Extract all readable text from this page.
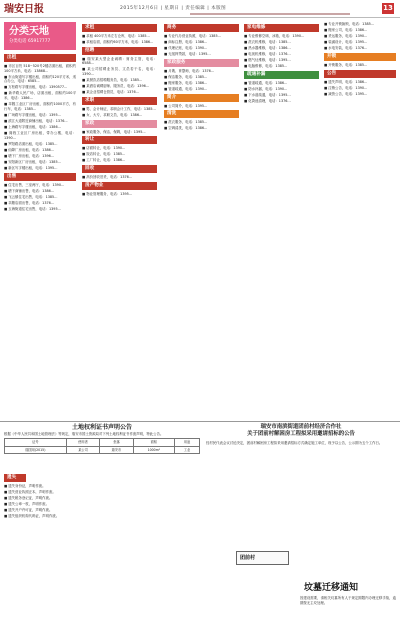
瑞安日报	2015年12月6日 | 星期日 | 责任编辑 | 本版图	13
分类天地
分类电话 65917777
出租

■ 市区百货 518~520号2楼店面出租，面积约100平方米，电话：13868...

■ 东山街道写字楼出租，面积约120平方米，适合办公，电话：6585...

■ 万松路写字楼出租，电话：1390577...

■ 新华路人民广场，店面出租，面积约100平米，电话：1386...

■ 莘塍工业区厂房出租，面积约1000平方，有行车，电话：1385...

■ 广场路写字楼出租，电话：1395...

■ 滨江大道附近商铺出租，电话：1376...

■ 上海路写字楼出租，电话：1386...

■ 阁巷工业区厂房出租，带办公楼，电话：1390...

■ 罗阳路店面出租，电话：1385...

■ 仙降厂房出租，电话：1386...

■ 塘下厂房出租，电话：1396...

■ 安阳新区厂房出租，电话：1385...

■ 新区写字楼出租，电话：1395...

出售

■ 住宅出售，三室两厅，电话：1390...

■ 塘下商铺出售，电话：1386...

■ 飞云镇住宅出售，电话：1385...

■ 莘塍店面出售，电话：1376...

■ 玉海街道住宅出售，电话：1395...

求租

■ 求租 400平方米左右仓库，电话：1385...

■ 求租店面，面积约60平方米，电话：1386...

招聘

■ 瑞安某大型企业诚聘：财务主管，电话：6588...

■ 某公司招聘业务员、文员若干名，电话：1390...

■ 某餐饮店招聘服务员，电话：1385...

■ 某酒店诚聘厨师、服务员，电话：1396...

■ 某企业招聘仓管员，电话：1376...

求职

■ 男，会计师证，求职会计工作，电话：1385...

■ 女，大专，求职文员，电话：1386...

家政

■ 家政服务，保洁、保姆，电话：1395...

转让

■ 店面转让，电话：1390...

■ 饭店转让，电话：1385...

■ 工厂转让，电话：1386...

回收

■ 高价回收旧货，电话：1376...

房产物业

■ 物业管理服务，电话：1395...

商务

■ 专业代办营业执照，电话：1385...

■ 商标注册，电话：1386...

■ 代理记账，电话：1390...

■ 无抵押贷款，电话：1395...

家政服务

■ 月嫂、育婴师，电话：1376...

■ 保洁服务，电话：1385...

■ 搬家服务，电话：1386...

■ 管道疏通，电话：1390...

简介

■ 公司简介，电话：1395...

清洗

■ 洗衣服务，电话：1385...

■ 空调清洗，电话：1386...

家电维修

■ 专业维修空调、冰箱，电话：1390...

■ 洗衣机维修，电话：1385...

■ 热水器维修，电话：1386...

■ 电视机维修，电话：1376...

■ 燃气灶维修，电话：1395...

■ 电脑维修，电话：1385...

疏通补漏

■ 管道疏通，电话：1386...

■ 防水补漏，电话：1390...

■ 下水道疏通，电话：1395...

■ 化粪池清理，电话：1376...

■ 专业开锁换锁，电话：1385...

■ 搬家公司，电话：1386...

■ 货运服务，电话：1390...

■ 装潢设计，电话：1395...

■ 水电安装，电话：1376...

开锁

■ 开锁服务，电话：1385...

公告

■ 遗失声明，电话：1386...

■ 注销公告，电话：1390...

■ 减资公告，电话：1395...

土地权利证书声明公告

根据《中华人民共和国土地管理法》等规定，瑞安市国土资源局对下列土地权利证书作废声明，特此公告。

证号	使用者	坐落	面积	用途
瑞国用(2015)	某公司	瑞安市	1000m²	工业
遗失

■ 遗失身份证，声明作废。

■ 遗失营业执照正本，声明作废。

■ 遗失税务登记证，声明作废。

■ 遗失公章一枚，声明作废。

■ 遗失开户许可证，声明作废。

■ 遗失组织机构代码证，声明作废。

瑞安市南滨街道团前村经济合作社
关于团前村解困房工程拟采用邀请招标的公告

经村民代表会议讨论决定，团前村解困房工程拟采用邀请招标方式确定施工单位，现予以公告，公示期为五个工作日。

团前村
坟墓迁移通知

因建设需要，请相关坟墓所有人于规定期限内办理迁移手续，逾期按无主坟处理。
